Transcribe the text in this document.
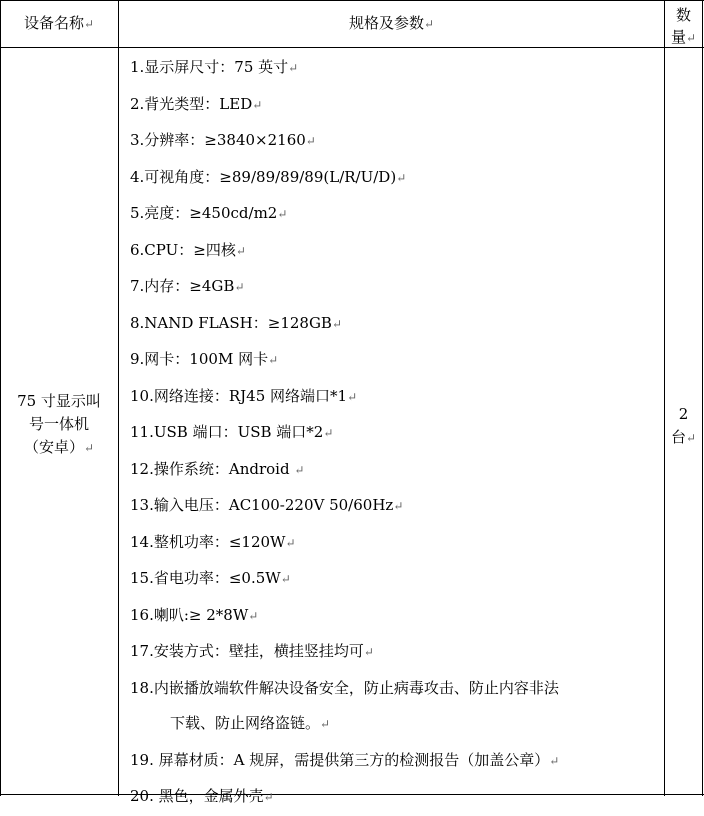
设备名称↵	规格及参数↵	数
量↵
75 寸显示叫
号一体机
（安卓）↵
1.显示屏尺寸：75 英寸↵
2.背光类型：LED↵
3.分辨率：≥3840×2160↵
4.可视角度：≥89/89/89/89(L/R/U/D)↵
5.亮度：≥450cd/m2↵
6.CPU：≥四核↵
7.内存：≥4GB↵
8.NAND FLASH：≥128GB↵
9.网卡：100M 网卡↵
10.网络连接：RJ45 网络端口*1↵
11.USB 端口：USB 端口*2↵
12.操作系统：Android ↵
13.输入电压：AC100-220V 50/60Hz↵
14.整机功率：≤120W↵
15.省电功率：≤0.5W↵
16.喇叭:≥ 2*8W↵
17.安装方式：壁挂，横挂竖挂均可↵
18.内嵌播放端软件解决设备安全，防止病毒攻击、防止内容非法
下载、防止网络盗链。↵
19. 屏幕材质：A 规屏，需提供第三方的检测报告（加盖公章）↵
20. 黑色，金属外壳↵
2
台↵
